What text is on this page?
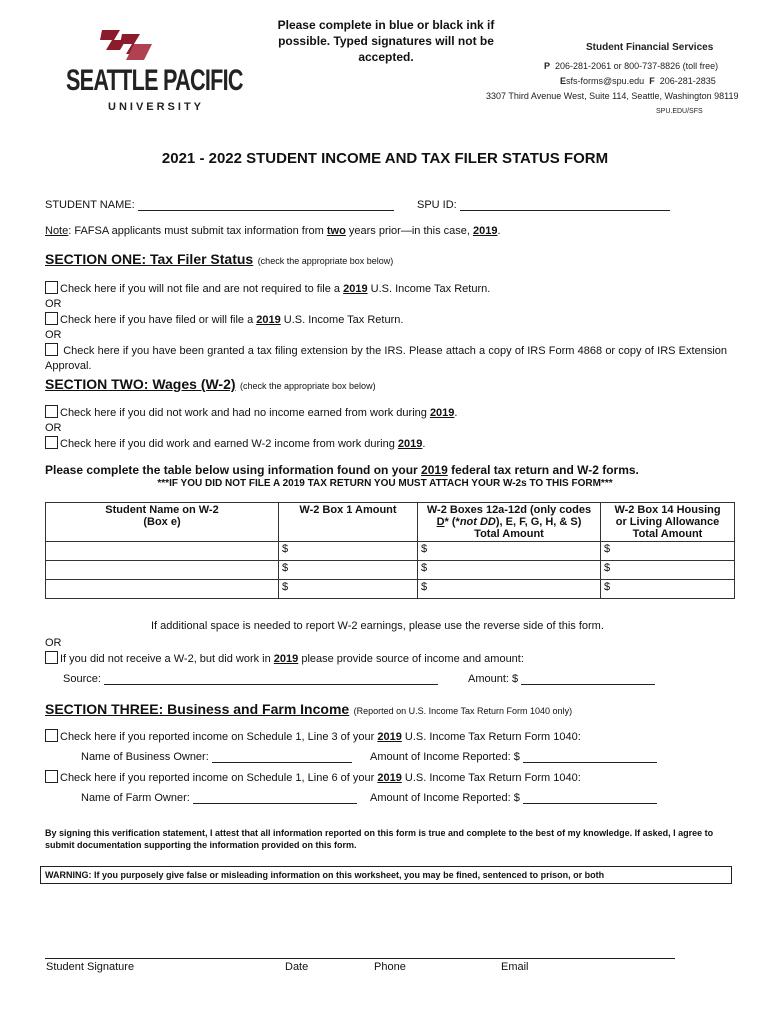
Please complete in blue or black ink if possible. Typed signatures will not be accepted.
SEATTLE PACIFIC
UNIVERSITY
Student Financial Services
P 206-281-2061 or 800-737-8826 (toll free)
Esfs-forms@spu.edu F 206-281-2835
3307 Third Avenue West, Suite 114, Seattle, Washington 98119
SPU.EDU/SFS
2021 - 2022 STUDENT INCOME AND TAX FILER STATUS FORM
STUDENT NAME:	SPU ID:
Note: FAFSA applicants must submit tax information from two years prior—in this case, 2019.
SECTION ONE: Tax Filer Status (check the appropriate box below)
Check here if you will not file and are not required to file a 2019 U.S. Income Tax Return.
OR
Check here if you have filed or will file a 2019 U.S. Income Tax Return.
OR
Check here if you have been granted a tax filing extension by the IRS. Please attach a copy of IRS Form 4868 or copy of IRS Extension Approval.
SECTION TWO: Wages (W-2) (check the appropriate box below)
Check here if you did not work and had no income earned from work during 2019.
OR
Check here if you did work and earned W-2 income from work during 2019.
Please complete the table below using information found on your 2019 federal tax return and W-2 forms.
***IF YOU DID NOT FILE A 2019 TAX RETURN YOU MUST ATTACH YOUR W-2s TO THIS FORM***
Student Name on W-2
(Box e)	W-2 Box 1 Amount	W-2 Boxes 12a-12d (only codes
D* (*not DD), E, F, G, H, & S)
Total Amount	W-2 Box 14 Housing
or Living Allowance
Total Amount
	$	$	$
	$	$	$
	$	$	$
If additional space is needed to report W-2 earnings, please use the reverse side of this form.
OR
If you did not receive a W-2, but did work in 2019 please provide source of income and amount:
Source:	Amount: $
SECTION THREE: Business and Farm Income (Reported on U.S. Income Tax Return Form 1040 only)
Check here if you reported income on Schedule 1, Line 3 of your 2019 U.S. Income Tax Return Form 1040:
Name of Business Owner:	Amount of Income Reported: $
Check here if you reported income on Schedule 1, Line 6 of your 2019 U.S. Income Tax Return Form 1040:
Name of Farm Owner:	Amount of Income Reported: $
By signing this verification statement, I attest that all information reported on this form is true and complete to the best of my knowledge. If asked, I agree to submit documentation supporting the information provided on this form.
WARNING: If you purposely give false or misleading information on this worksheet, you may be fined, sentenced to prison, or both
Student Signature	Date	Phone	Email
